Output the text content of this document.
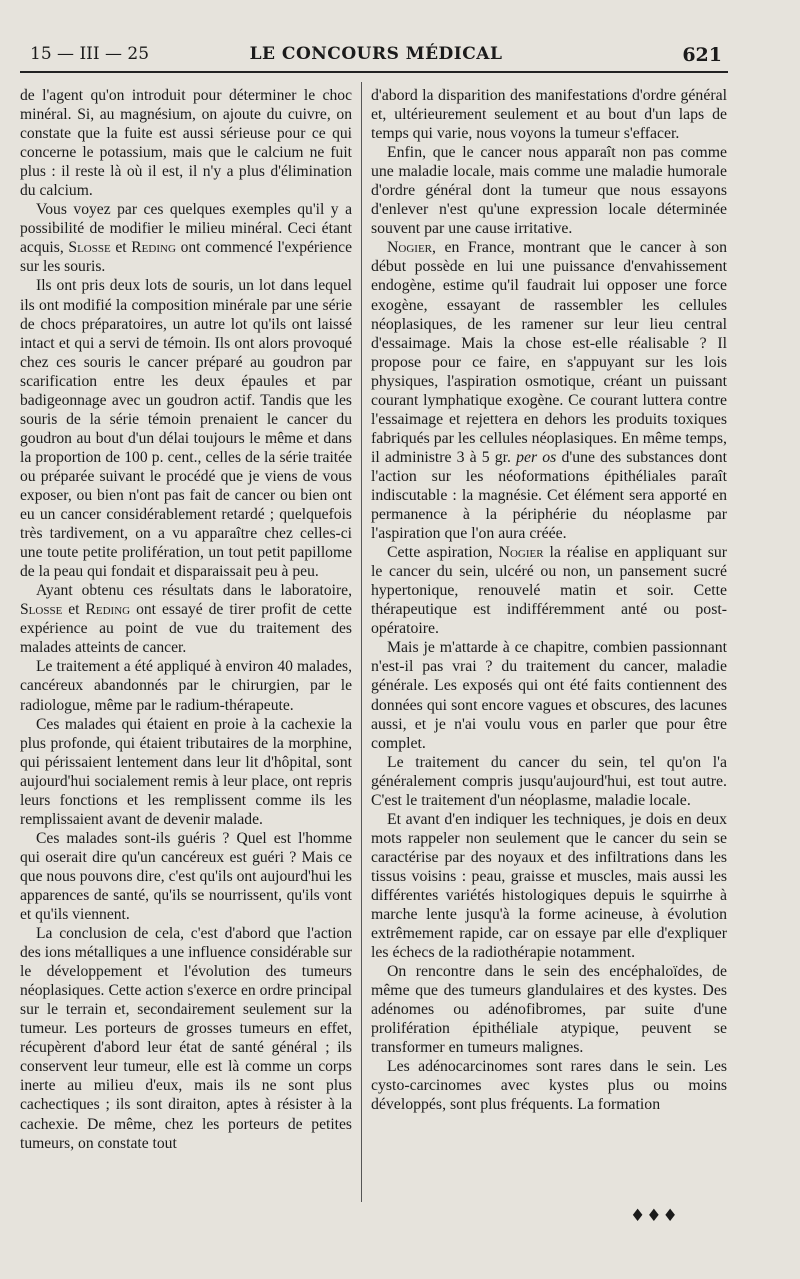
15 — III — 25	LE CONCOURS MÉDICAL	621

de l'agent qu'on introduit pour déterminer le choc minéral. Si, au magnésium, on ajoute du cuivre, on constate que la fuite est aussi sérieuse pour ce qui concerne le potassium, mais que le calcium ne fuit plus : il reste là où il est, il n'y a plus d'élimination du calcium.

Vous voyez par ces quelques exemples qu'il y a possibilité de modifier le milieu minéral. Ceci étant acquis, Slosse et Reding ont commencé l'expérience sur les souris.

Ils ont pris deux lots de souris, un lot dans lequel ils ont modifié la composition minérale par une série de chocs préparatoires, un autre lot qu'ils ont laissé intact et qui a servi de témoin. Ils ont alors provoqué chez ces souris le cancer préparé au goudron par scarification entre les deux épaules et par badigeonnage avec un goudron actif. Tandis que les souris de la série témoin prenaient le cancer du goudron au bout d'un délai toujours le même et dans la proportion de 100 p. cent., celles de la série traitée ou préparée suivant le procédé que je viens de vous exposer, ou bien n'ont pas fait de cancer ou bien ont eu un cancer considérablement retardé ; quelquefois très tardivement, on a vu apparaître chez celles-ci une toute petite prolifération, un tout petit papillome de la peau qui fondait et disparaissait peu à peu.

Ayant obtenu ces résultats dans le laboratoire, Slosse et Reding ont essayé de tirer profit de cette expérience au point de vue du traitement des malades atteints de cancer.

Le traitement a été appliqué à environ 40 malades, cancéreux abandonnés par le chirurgien, par le radiologue, même par le radium-thérapeute.

Ces malades qui étaient en proie à la cachexie la plus profonde, qui étaient tributaires de la morphine, qui périssaient lentement dans leur lit d'hôpital, sont aujourd'hui socialement remis à leur place, ont repris leurs fonctions et les remplissent comme ils les remplissaient avant de devenir malade.

Ces malades sont-ils guéris ? Quel est l'homme qui oserait dire qu'un cancéreux est guéri ? Mais ce que nous pouvons dire, c'est qu'ils ont aujourd'hui les apparences de santé, qu'ils se nourrissent, qu'ils vont et qu'ils viennent.

La conclusion de cela, c'est d'abord que l'action des ions métalliques a une influence considérable sur le développement et l'évolution des tumeurs néoplasiques. Cette action s'exerce en ordre principal sur le terrain et, secondairement seulement sur la tumeur. Les porteurs de grosses tumeurs en effet, récupèrent d'abord leur état de santé général ; ils conservent leur tumeur, elle est là comme un corps inerte au milieu d'eux, mais ils ne sont plus cachectiques ; ils sont diraiton, aptes à résister à la cachexie. De même, chez les porteurs de petites tumeurs, on constate tout

d'abord la disparition des manifestations d'ordre général et, ultérieurement seulement et au bout d'un laps de temps qui varie, nous voyons la tumeur s'effacer.

Enfin, que le cancer nous apparaît non pas comme une maladie locale, mais comme une maladie humorale d'ordre général dont la tumeur que nous essayons d'enlever n'est qu'une expression locale déterminée souvent par une cause irritative.

Nogier, en France, montrant que le cancer à son début possède en lui une puissance d'envahissement endogène, estime qu'il faudrait lui opposer une force exogène, essayant de rassembler les cellules néoplasiques, de les ramener sur leur lieu central d'essaimage. Mais la chose est-elle réalisable ? Il propose pour ce faire, en s'appuyant sur les lois physiques, l'aspiration osmotique, créant un puissant courant lymphatique exogène. Ce courant luttera contre l'essaimage et rejettera en dehors les produits toxiques fabriqués par les cellules néoplasiques. En même temps, il administre 3 à 5 gr. per os d'une des substances dont l'action sur les néoformations épithéliales paraît indiscutable : la magnésie. Cet élément sera apporté en permanence à la périphérie du néoplasme par l'aspiration que l'on aura créée.

Cette aspiration, Nogier la réalise en appliquant sur le cancer du sein, ulcéré ou non, un pansement sucré hypertonique, renouvelé matin et soir. Cette thérapeutique est indifféremment anté ou post-opératoire.

Mais je m'attarde à ce chapitre, combien passionnant n'est-il pas vrai ? du traitement du cancer, maladie générale. Les exposés qui ont été faits contiennent des données qui sont encore vagues et obscures, des lacunes aussi, et je n'ai voulu vous en parler que pour être complet.

Le traitement du cancer du sein, tel qu'on l'a généralement compris jusqu'aujourd'hui, est tout autre. C'est le traitement d'un néoplasme, maladie locale.

Et avant d'en indiquer les techniques, je dois en deux mots rappeler non seulement que le cancer du sein se caractérise par des noyaux et des infiltrations dans les tissus voisins : peau, graisse et muscles, mais aussi les différentes variétés histologiques depuis le squirrhe à marche lente jusqu'à la forme acineuse, à évolution extrêmement rapide, car on essaye par elle d'expliquer les échecs de la radiothérapie notamment.

On rencontre dans le sein des encéphaloïdes, de même que des tumeurs glandulaires et des kystes. Des adénomes ou adénofibromes, par suite d'une prolifération épithéliale atypique, peuvent se transformer en tumeurs malignes.

Les adénocarcinomes sont rares dans le sein. Les cysto-carcinomes avec kystes plus ou moins développés, sont plus fréquents. La formation

♦♦♦
